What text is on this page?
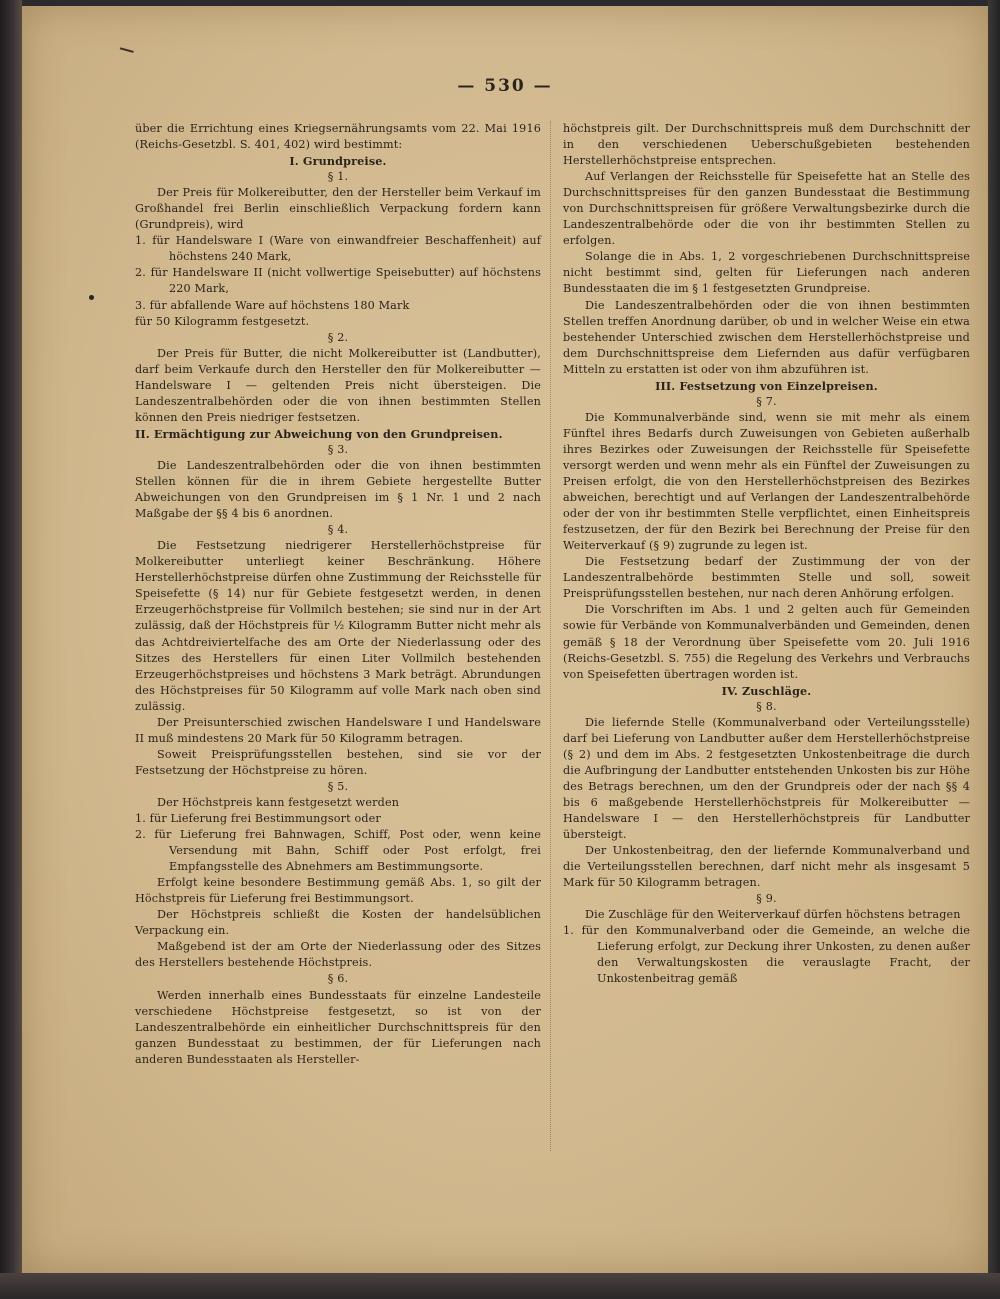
— 530 —

über die Errichtung eines Kriegsernährungsamts vom 22. Mai 1916 (Reichs-Gesetzbl. S. 401, 402) wird bestimmt:

I. Grundpreise.

§ 1.

Der Preis für Molkereibutter, den der Hersteller beim Verkauf im Großhandel frei Berlin einschließlich Verpackung fordern kann (Grundpreis), wird

1. für Handelsware I (Ware von einwandfreier Beschaffenheit) auf höchstens 240 Mark,

2. für Handelsware II (nicht vollwertige Speisebutter) auf höchstens 220 Mark,

3. für abfallende Ware auf höchstens 180 Mark

für 50 Kilogramm festgesetzt.

§ 2.

Der Preis für Butter, die nicht Molkereibutter ist (Landbutter), darf beim Verkaufe durch den Hersteller den für Molkereibutter — Handelsware I — geltenden Preis nicht übersteigen. Die Landeszentralbehörden oder die von ihnen bestimmten Stellen können den Preis niedriger festsetzen.

II. Ermächtigung zur Abweichung von den Grundpreisen.

§ 3.

Die Landeszentralbehörden oder die von ihnen bestimmten Stellen können für die in ihrem Gebiete hergestellte Butter Abweichungen von den Grundpreisen im § 1 Nr. 1 und 2 nach Maßgabe der §§ 4 bis 6 anordnen.

§ 4.

Die Festsetzung niedrigerer Herstellerhöchstpreise für Molkereibutter unterliegt keiner Beschränkung. Höhere Herstellerhöchstpreise dürfen ohne Zustimmung der Reichsstelle für Speisefette (§ 14) nur für Gebiete festgesetzt werden, in denen Erzeugerhöchstpreise für Vollmilch bestehen; sie sind nur in der Art zulässig, daß der Höchstpreis für ½ Kilogramm Butter nicht mehr als das Achtdreiviertelfache des am Orte der Niederlassung oder des Sitzes des Herstellers für einen Liter Vollmilch bestehenden Erzeugerhöchstpreises und höchstens 3 Mark beträgt. Abrundungen des Höchstpreises für 50 Kilogramm auf volle Mark nach oben sind zulässig.

Der Preisunterschied zwischen Handelsware I und Handelsware II muß mindestens 20 Mark für 50 Kilogramm betragen.

Soweit Preisprüfungsstellen bestehen, sind sie vor der Festsetzung der Höchstpreise zu hören.

§ 5.

Der Höchstpreis kann festgesetzt werden

1. für Lieferung frei Bestimmungsort oder

2. für Lieferung frei Bahnwagen, Schiff, Post oder, wenn keine Versendung mit Bahn, Schiff oder Post erfolgt, frei Empfangsstelle des Abnehmers am Bestimmungsorte.

Erfolgt keine besondere Bestimmung gemäß Abs. 1, so gilt der Höchstpreis für Lieferung frei Bestimmungsort.

Der Höchstpreis schließt die Kosten der handelsüblichen Verpackung ein.

Maßgebend ist der am Orte der Niederlassung oder des Sitzes des Herstellers bestehende Höchstpreis.

§ 6.

Werden innerhalb eines Bundesstaats für einzelne Landesteile verschiedene Höchstpreise festgesetzt, so ist von der Landeszentralbehörde ein einheitlicher Durchschnittspreis für den ganzen Bundesstaat zu bestimmen, der für Lieferungen nach anderen Bundesstaaten als Hersteller-

höchstpreis gilt. Der Durchschnittspreis muß dem Durchschnitt der in den verschiedenen Ueberschußgebieten bestehenden Herstellerhöchstpreise entsprechen.

Auf Verlangen der Reichsstelle für Speisefette hat an Stelle des Durchschnittspreises für den ganzen Bundesstaat die Bestimmung von Durchschnittspreisen für größere Verwaltungsbezirke durch die Landeszentralbehörde oder die von ihr bestimmten Stellen zu erfolgen.

Solange die in Abs. 1, 2 vorgeschriebenen Durchschnittspreise nicht bestimmt sind, gelten für Lieferungen nach anderen Bundesstaaten die im § 1 festgesetzten Grundpreise.

Die Landeszentralbehörden oder die von ihnen bestimmten Stellen treffen Anordnung darüber, ob und in welcher Weise ein etwa bestehender Unterschied zwischen dem Herstellerhöchstpreise und dem Durchschnittspreise dem Liefernden aus dafür verfügbaren Mitteln zu erstatten ist oder von ihm abzuführen ist.

III. Festsetzung von Einzelpreisen.

§ 7.

Die Kommunalverbände sind, wenn sie mit mehr als einem Fünftel ihres Bedarfs durch Zuweisungen von Gebieten außerhalb ihres Bezirkes oder Zuweisungen der Reichsstelle für Speisefette versorgt werden und wenn mehr als ein Fünftel der Zuweisungen zu Preisen erfolgt, die von den Herstellerhöchstpreisen des Bezirkes abweichen, berechtigt und auf Verlangen der Landeszentralbehörde oder der von ihr bestimmten Stelle verpflichtet, einen Einheitspreis festzusetzen, der für den Bezirk bei Berechnung der Preise für den Weiterverkauf (§ 9) zugrunde zu legen ist.

Die Festsetzung bedarf der Zustimmung der von der Landeszentralbehörde bestimmten Stelle und soll, soweit Preisprüfungsstellen bestehen, nur nach deren Anhörung erfolgen.

Die Vorschriften im Abs. 1 und 2 gelten auch für Gemeinden sowie für Verbände von Kommunalverbänden und Gemeinden, denen gemäß § 18 der Verordnung über Speisefette vom 20. Juli 1916 (Reichs-Gesetzbl. S. 755) die Regelung des Verkehrs und Verbrauchs von Speisefetten übertragen worden ist.

IV. Zuschläge.

§ 8.

Die liefernde Stelle (Kommunalverband oder Verteilungsstelle) darf bei Lieferung von Landbutter außer dem Herstellerhöchstpreise (§ 2) und dem im Abs. 2 festgesetzten Unkostenbeitrage die durch die Aufbringung der Landbutter entstehenden Unkosten bis zur Höhe des Betrags berechnen, um den der Grundpreis oder der nach §§ 4 bis 6 maßgebende Herstellerhöchstpreis für Molkereibutter — Handelsware I — den Herstellerhöchstpreis für Landbutter übersteigt.

Der Unkostenbeitrag, den der liefernde Kommunalverband und die Verteilungsstellen berechnen, darf nicht mehr als insgesamt 5 Mark für 50 Kilogramm betragen.

§ 9.

Die Zuschläge für den Weiterverkauf dürfen höchstens betragen

1. für den Kommunalverband oder die Gemeinde, an welche die Lieferung erfolgt, zur Deckung ihrer Unkosten, zu denen außer den Verwaltungskosten die verauslagte Fracht, der Unkostenbeitrag gemäß
